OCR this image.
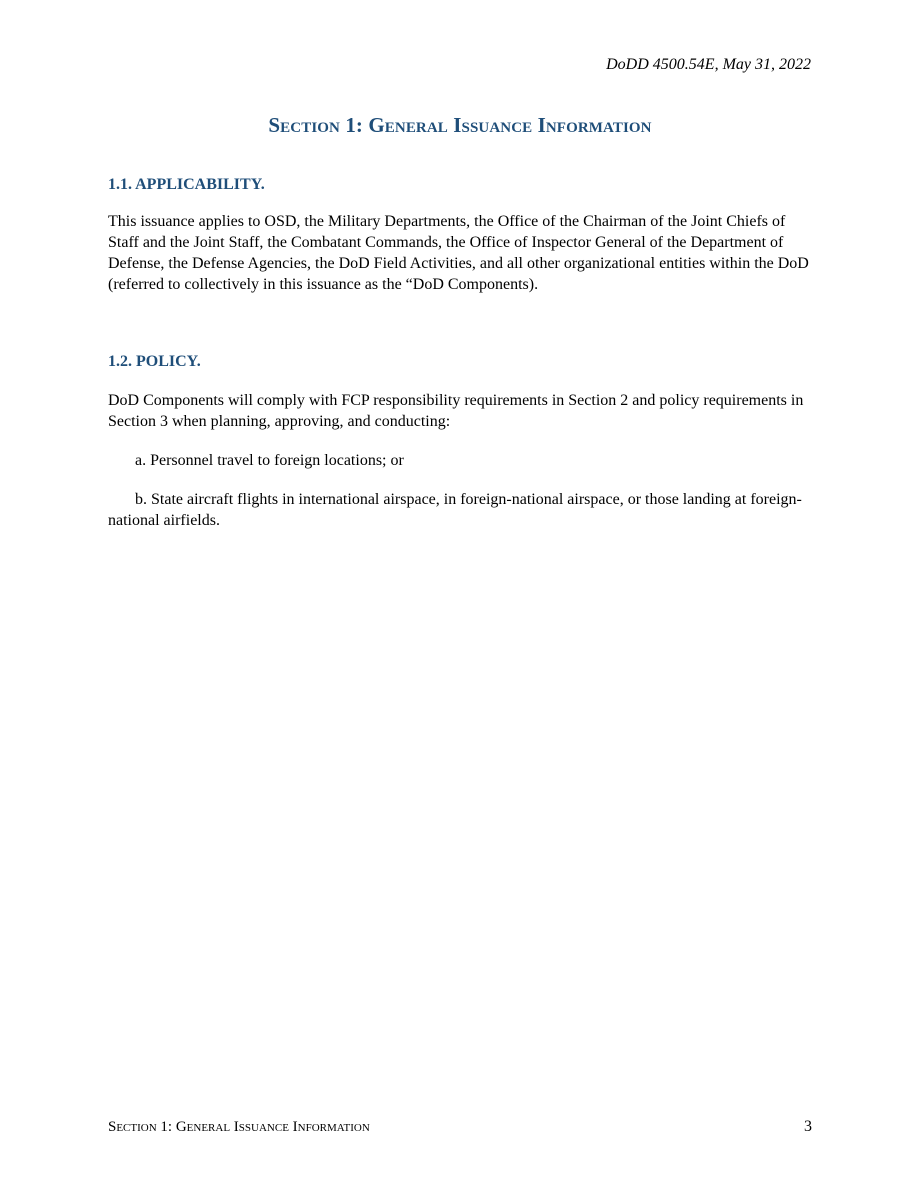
DoDD 4500.54E, May 31, 2022
Section 1: General Issuance Information
1.1. APPLICABILITY.

This issuance applies to OSD, the Military Departments, the Office of the Chairman of the Joint Chiefs of Staff and the Joint Staff, the Combatant Commands, the Office of Inspector General of the Department of Defense, the Defense Agencies, the DoD Field Activities, and all other organizational entities within the DoD (referred to collectively in this issuance as the “DoD Components).

1.2. POLICY.

DoD Components will comply with FCP responsibility requirements in Section 2 and policy requirements in Section 3 when planning, approving, and conducting:

a. Personnel travel to foreign locations; or

b. State aircraft flights in international airspace, in foreign-national airspace, or those landing at foreign-national airfields.

Section 1: General Issuance Information	3
